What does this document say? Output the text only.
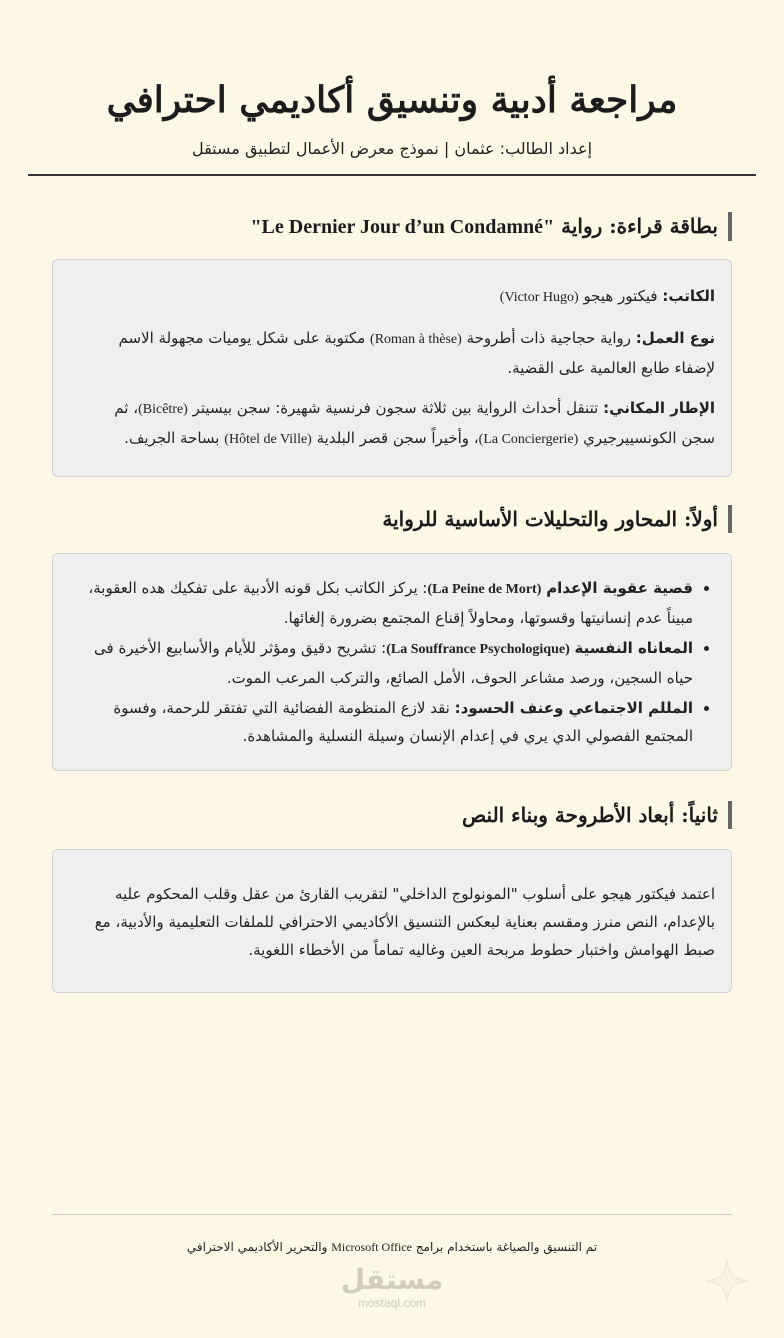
مراجعة أدبية وتنسيق أكاديمي احترافي
إعداد الطالب: عثمان | نموذج معرض الأعمال لتطبيق مستقل
بطاقة قراءة: رواية "Le Dernier Jour d’un Condamné"

الكاتب: فيكتور هيجو (Victor Hugo)

نوع العمل: رواية حجاجية ذات أطروحة (Roman à thèse) مكتوبة على شكل يوميات مجهولة الاسم لإضفاء طابع العالمية على القضية.

الإطار المكاني: تتنقل أحداث الرواية بين ثلاثة سجون فرنسية شهيرة: سجن بيسيتر (Bicêtre)، ثم سجن الكونسييرجيري (La Conciergerie)، وأخيراً سجن قصر البلدية (Hôtel de Ville) بساحة الجريف.

أولاً: المحاور والتحليلات الأساسية للرواية
• قصية عقوبة الإعدام (La Peine de Mort): يركز الكاتب بكل قونه الأدبية على تفكيك هده العقوبة، مبيناً عدم إنسانيتها وقسوتها، ومحاولاً إقناع المجتمع بضرورة إلغائها.
• المعاناه النفسية (La Souffrance Psychologique): تشريح دقيق ومؤثر للأيام والأسابيع الأخيرة فى حياه السجين، ورصد مشاعر الحوف، الأمل الصائع، والتركب المرعب الموت.
• المللم الاجتماعي وعنف الحسود: نقد لازع المنظومة الفضائية التي تفتقر للرحمة، وفسوة المجتمع الفصولي الدي يري في إعدام الإنسان وسيلة النسلية والمشاهدة.
ثانياً: أبعاد الأطروحة وبناء النص

اعتمد فيكتور هيجو على أسلوب "المونولوج الداخلي" لتقريب القارئ من عقل وقلب المحكوم عليه بالإعدام، النص منرز ومقسم بعناية لبعكس التنسيق الأكاديمي الاحترافي للملفات التعليمية والأدبية، مع صبط الهوامش واختبار حطوط مربحة العين وغاليه تماماً من الأخطاء اللغوية.

تم التنسيق والصياغة باستخدام برامج Microsoft Office والتحرير الأكاديمي الاحترافي
مستقل
mostaql.com
